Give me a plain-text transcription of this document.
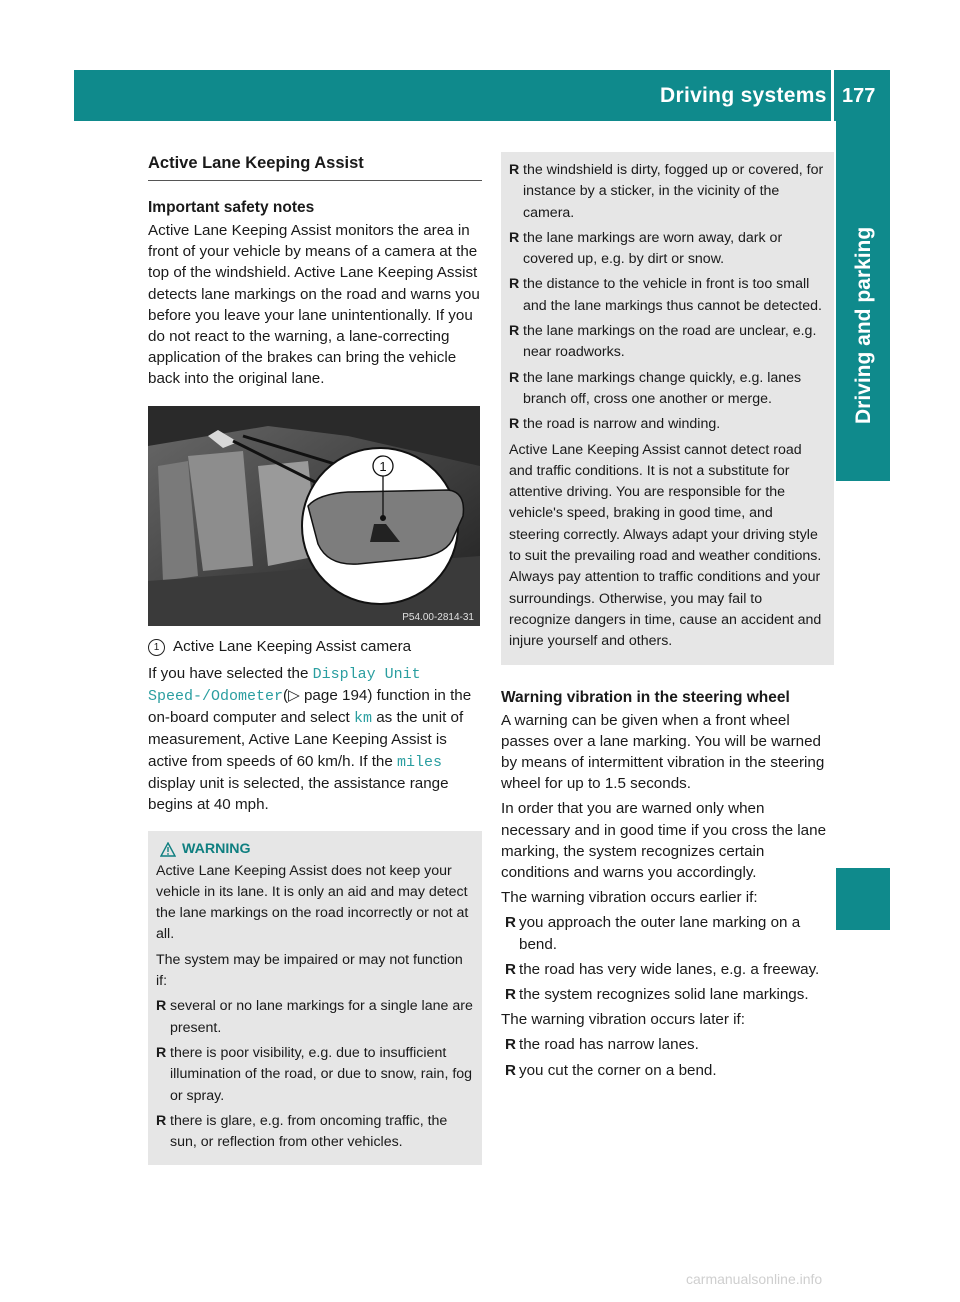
Driving systems 177
Driving and parking
Active Lane Keeping Assist
Important safety notes

Active Lane Keeping Assist monitors the area in front of your vehicle by means of a camera at the top of the windshield. Active Lane Keeping Assist detects lane markings on the road and warns you before you leave your lane unintentionally. If you do not react to the warning, a lane-correcting application of the brakes can bring the vehicle back into the original lane.

1
P54.00-2814-31
1 Active Lane Keeping Assist camera

If you have selected the Display Unit Speed-/Odometer(▷ page 194) function in the on-board computer and select km as the unit of measurement, Active Lane Keeping Assist is active from speeds of 60 km/h. If the miles display unit is selected, the assistance range begins at 40 mph.

WARNING

Active Lane Keeping Assist does not keep your vehicle in its lane. It is only an aid and may detect the lane markings on the road incorrectly or not at all.

The system may be impaired or may not function if:

R several or no lane markings for a single lane are present.
R there is poor visibility, e.g. due to insufficient illumination of the road, or due to snow, rain, fog or spray.
R there is glare, e.g. from oncoming traffic, the sun, or reflection from other vehicles.
R the windshield is dirty, fogged up or covered, for instance by a sticker, in the vicinity of the camera.
R the lane markings are worn away, dark or covered up, e.g. by dirt or snow.
R the distance to the vehicle in front is too small and the lane markings thus cannot be detected.
R the lane markings on the road are unclear, e.g. near roadworks.
R the lane markings change quickly, e.g. lanes branch off, cross one another or merge.
R the road is narrow and winding.

Active Lane Keeping Assist cannot detect road and traffic conditions. It is not a substitute for attentive driving. You are responsible for the vehicle's speed, braking in good time, and steering correctly. Always adapt your driving style to suit the prevailing road and weather conditions. Always pay attention to traffic conditions and your surroundings. Otherwise, you may fail to recognize dangers in time, cause an accident and injure yourself and others.

Warning vibration in the steering wheel

A warning can be given when a front wheel passes over a lane marking. You will be warned by means of intermittent vibration in the steering wheel for up to 1.5 seconds.

In order that you are warned only when necessary and in good time if you cross the lane marking, the system recognizes certain conditions and warns you accordingly.

The warning vibration occurs earlier if:

R you approach the outer lane marking on a bend.
R the road has very wide lanes, e.g. a freeway.
R the system recognizes solid lane markings.

The warning vibration occurs later if:

R the road has narrow lanes.
R you cut the corner on a bend.
carmanualsonline.info
